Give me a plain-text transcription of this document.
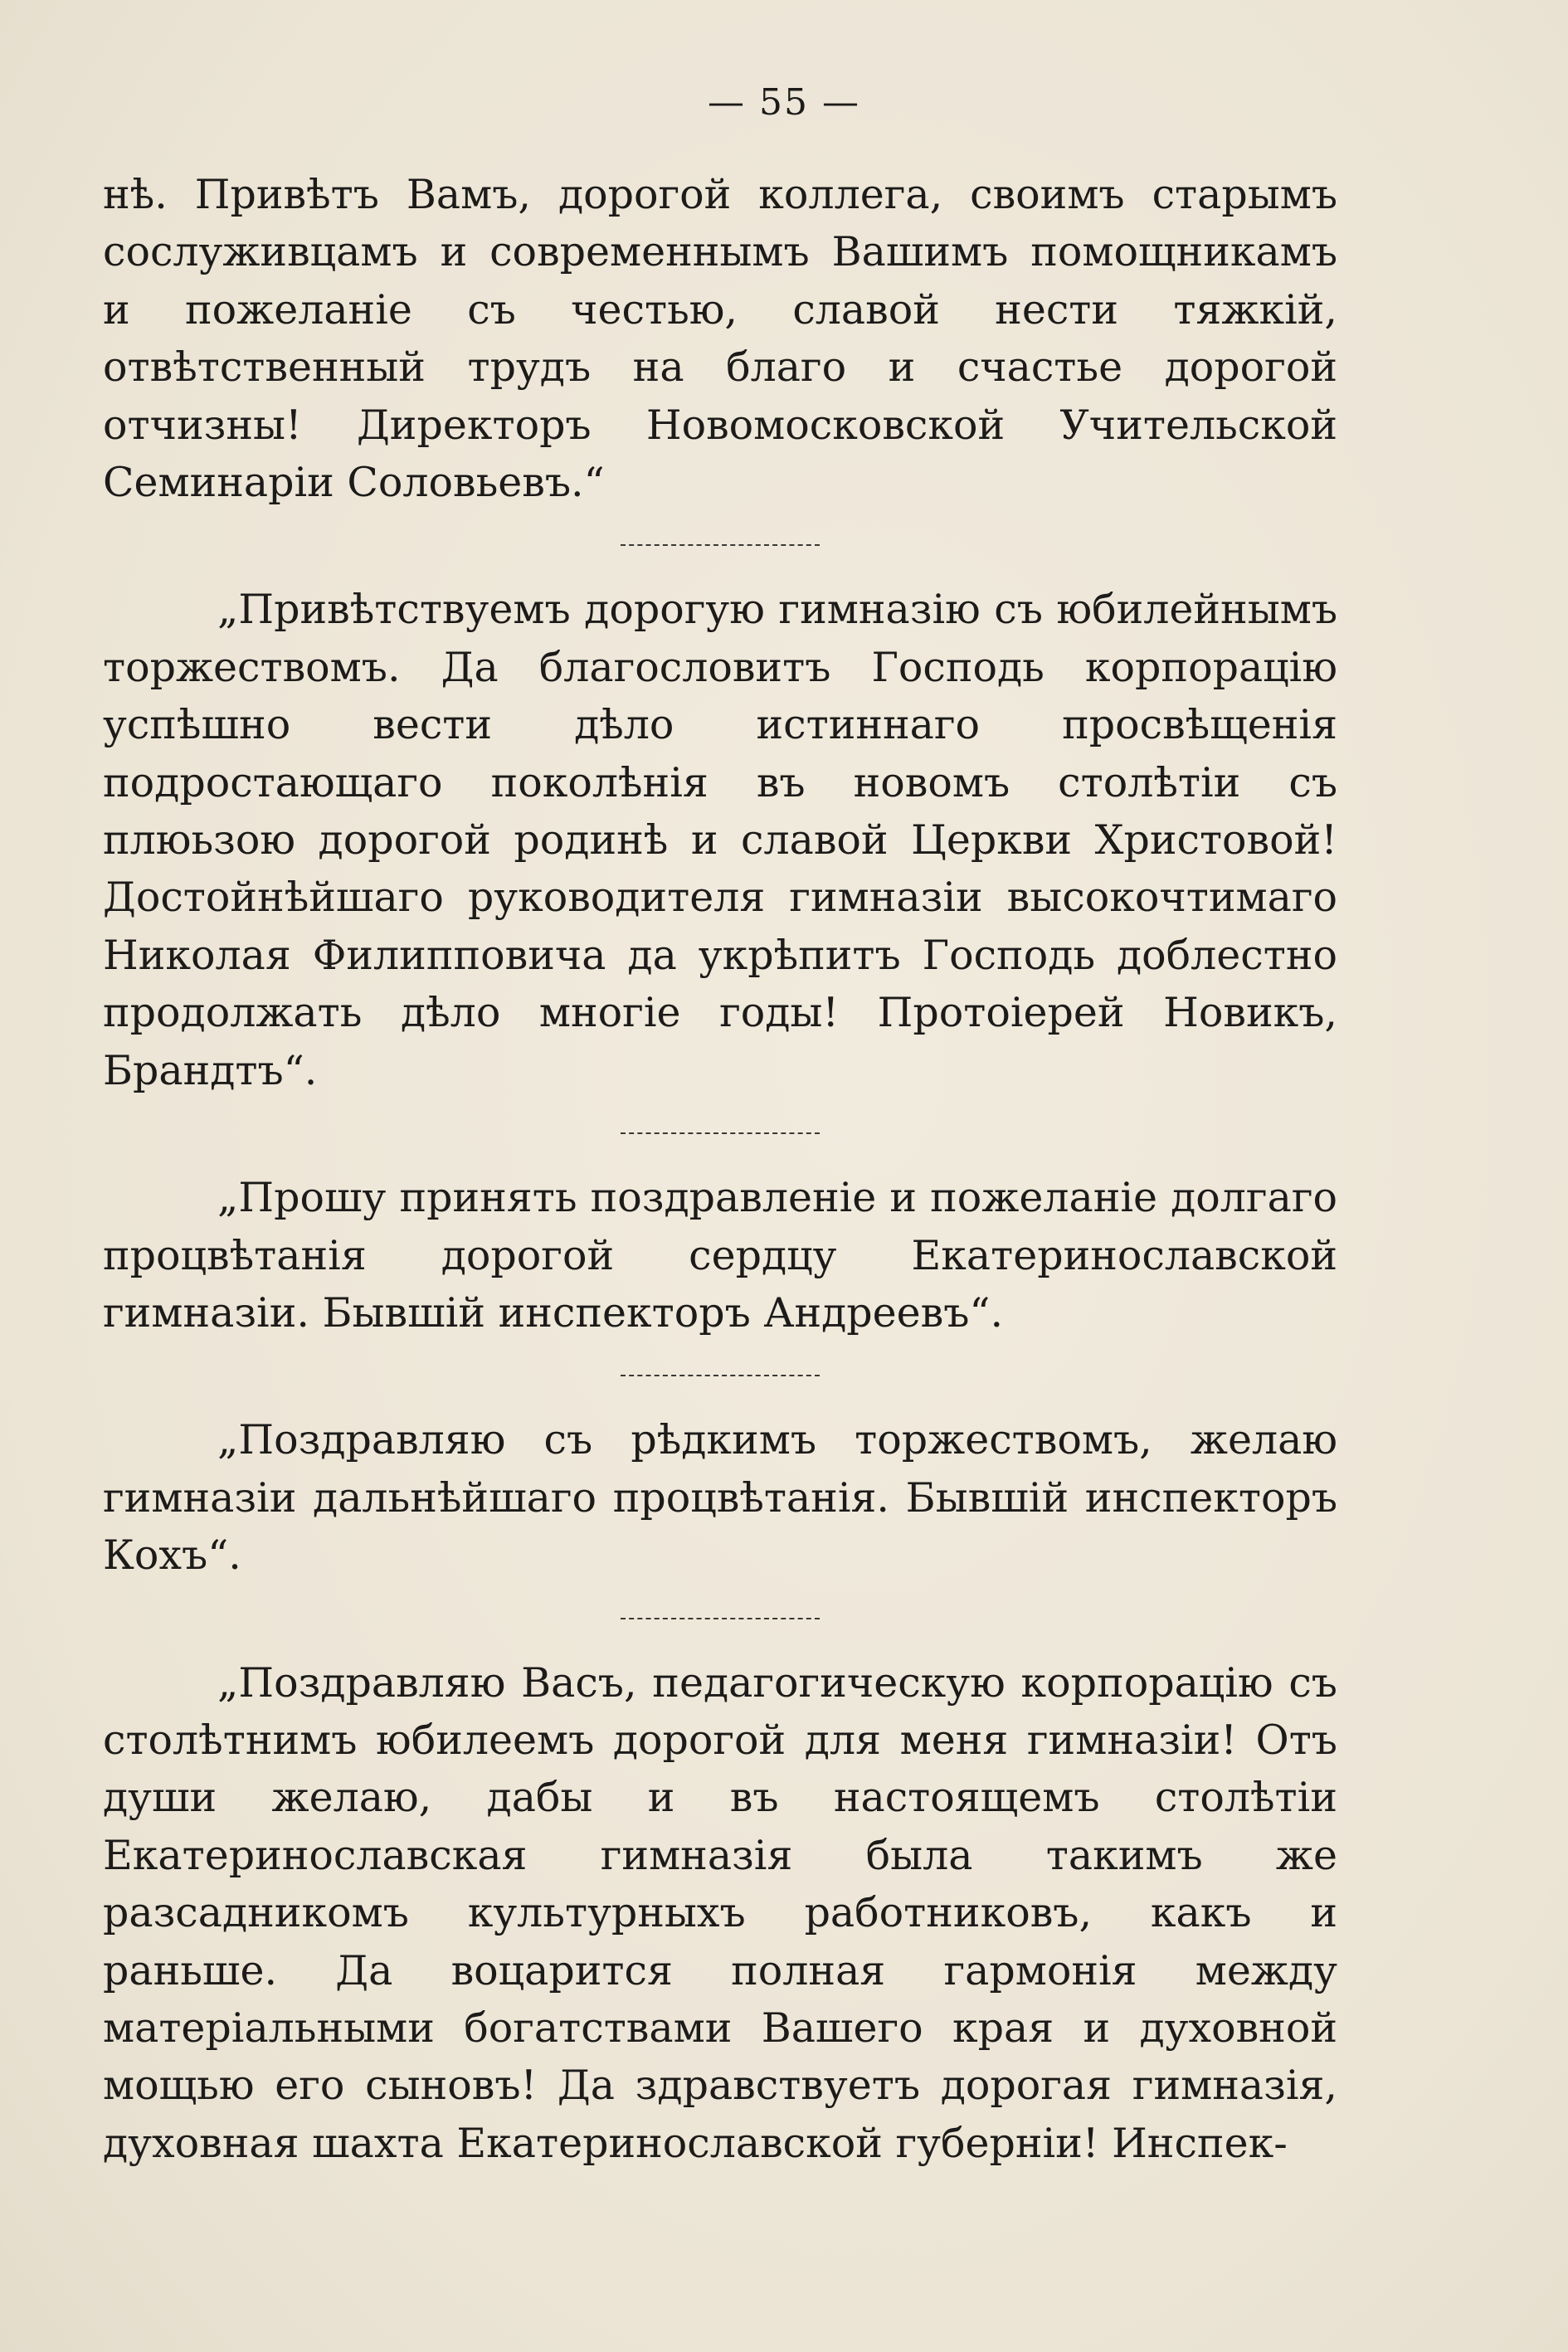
— 55 —

нѣ. Привѣтъ Вамъ, дорогой коллега, своимъ старымъ сослуживцамъ и современнымъ Вашимъ помощникамъ и пожеланіе съ честью, славой нести тяжкій, отвѣтственный трудъ на благо и счастье дорогой отчизны! Директоръ Новомосковской Учительской Семинаріи Соловьевъ.“

„Привѣтствуемъ дорогую гимназію съ юбилейнымъ торжествомъ. Да благословитъ Господь корпорацію успѣшно вести дѣло истиннаго просвѣщенія подростающаго поколѣнія въ новомъ столѣтіи съ плюьзою дорогой родинѣ и славой Церкви Христовой! Достойнѣйшаго руководителя гимназіи высокочтимаго Николая Филипповича да укрѣпитъ Господь доблестно продолжать дѣло многіе годы! Протоіерей Новикъ, Брандтъ“.

„Прошу принять поздравленіе и пожеланіе долгаго процвѣтанія дорогой сердцу Екатеринославской гимназіи. Бывшій инспекторъ Андреевъ“.

„Поздравляю съ рѣдкимъ торжествомъ, желаю гимназіи дальнѣйшаго процвѣтанія. Бывшій инспекторъ Кохъ“.

„Поздравляю Васъ, педагогическую корпорацію съ столѣтнимъ юбилеемъ дорогой для меня гимназіи! Отъ души желаю, дабы и въ настоящемъ столѣтіи Екатеринославская гимназія была такимъ же разсадникомъ культурныхъ работниковъ, какъ и раньше. Да воцарится полная гармонія между матеріальными богатствами Вашего края и духовной мощью его сыновъ! Да здравствуетъ дорогая гимназія, духовная шахта Екатеринославской губерніи! Инспек-
